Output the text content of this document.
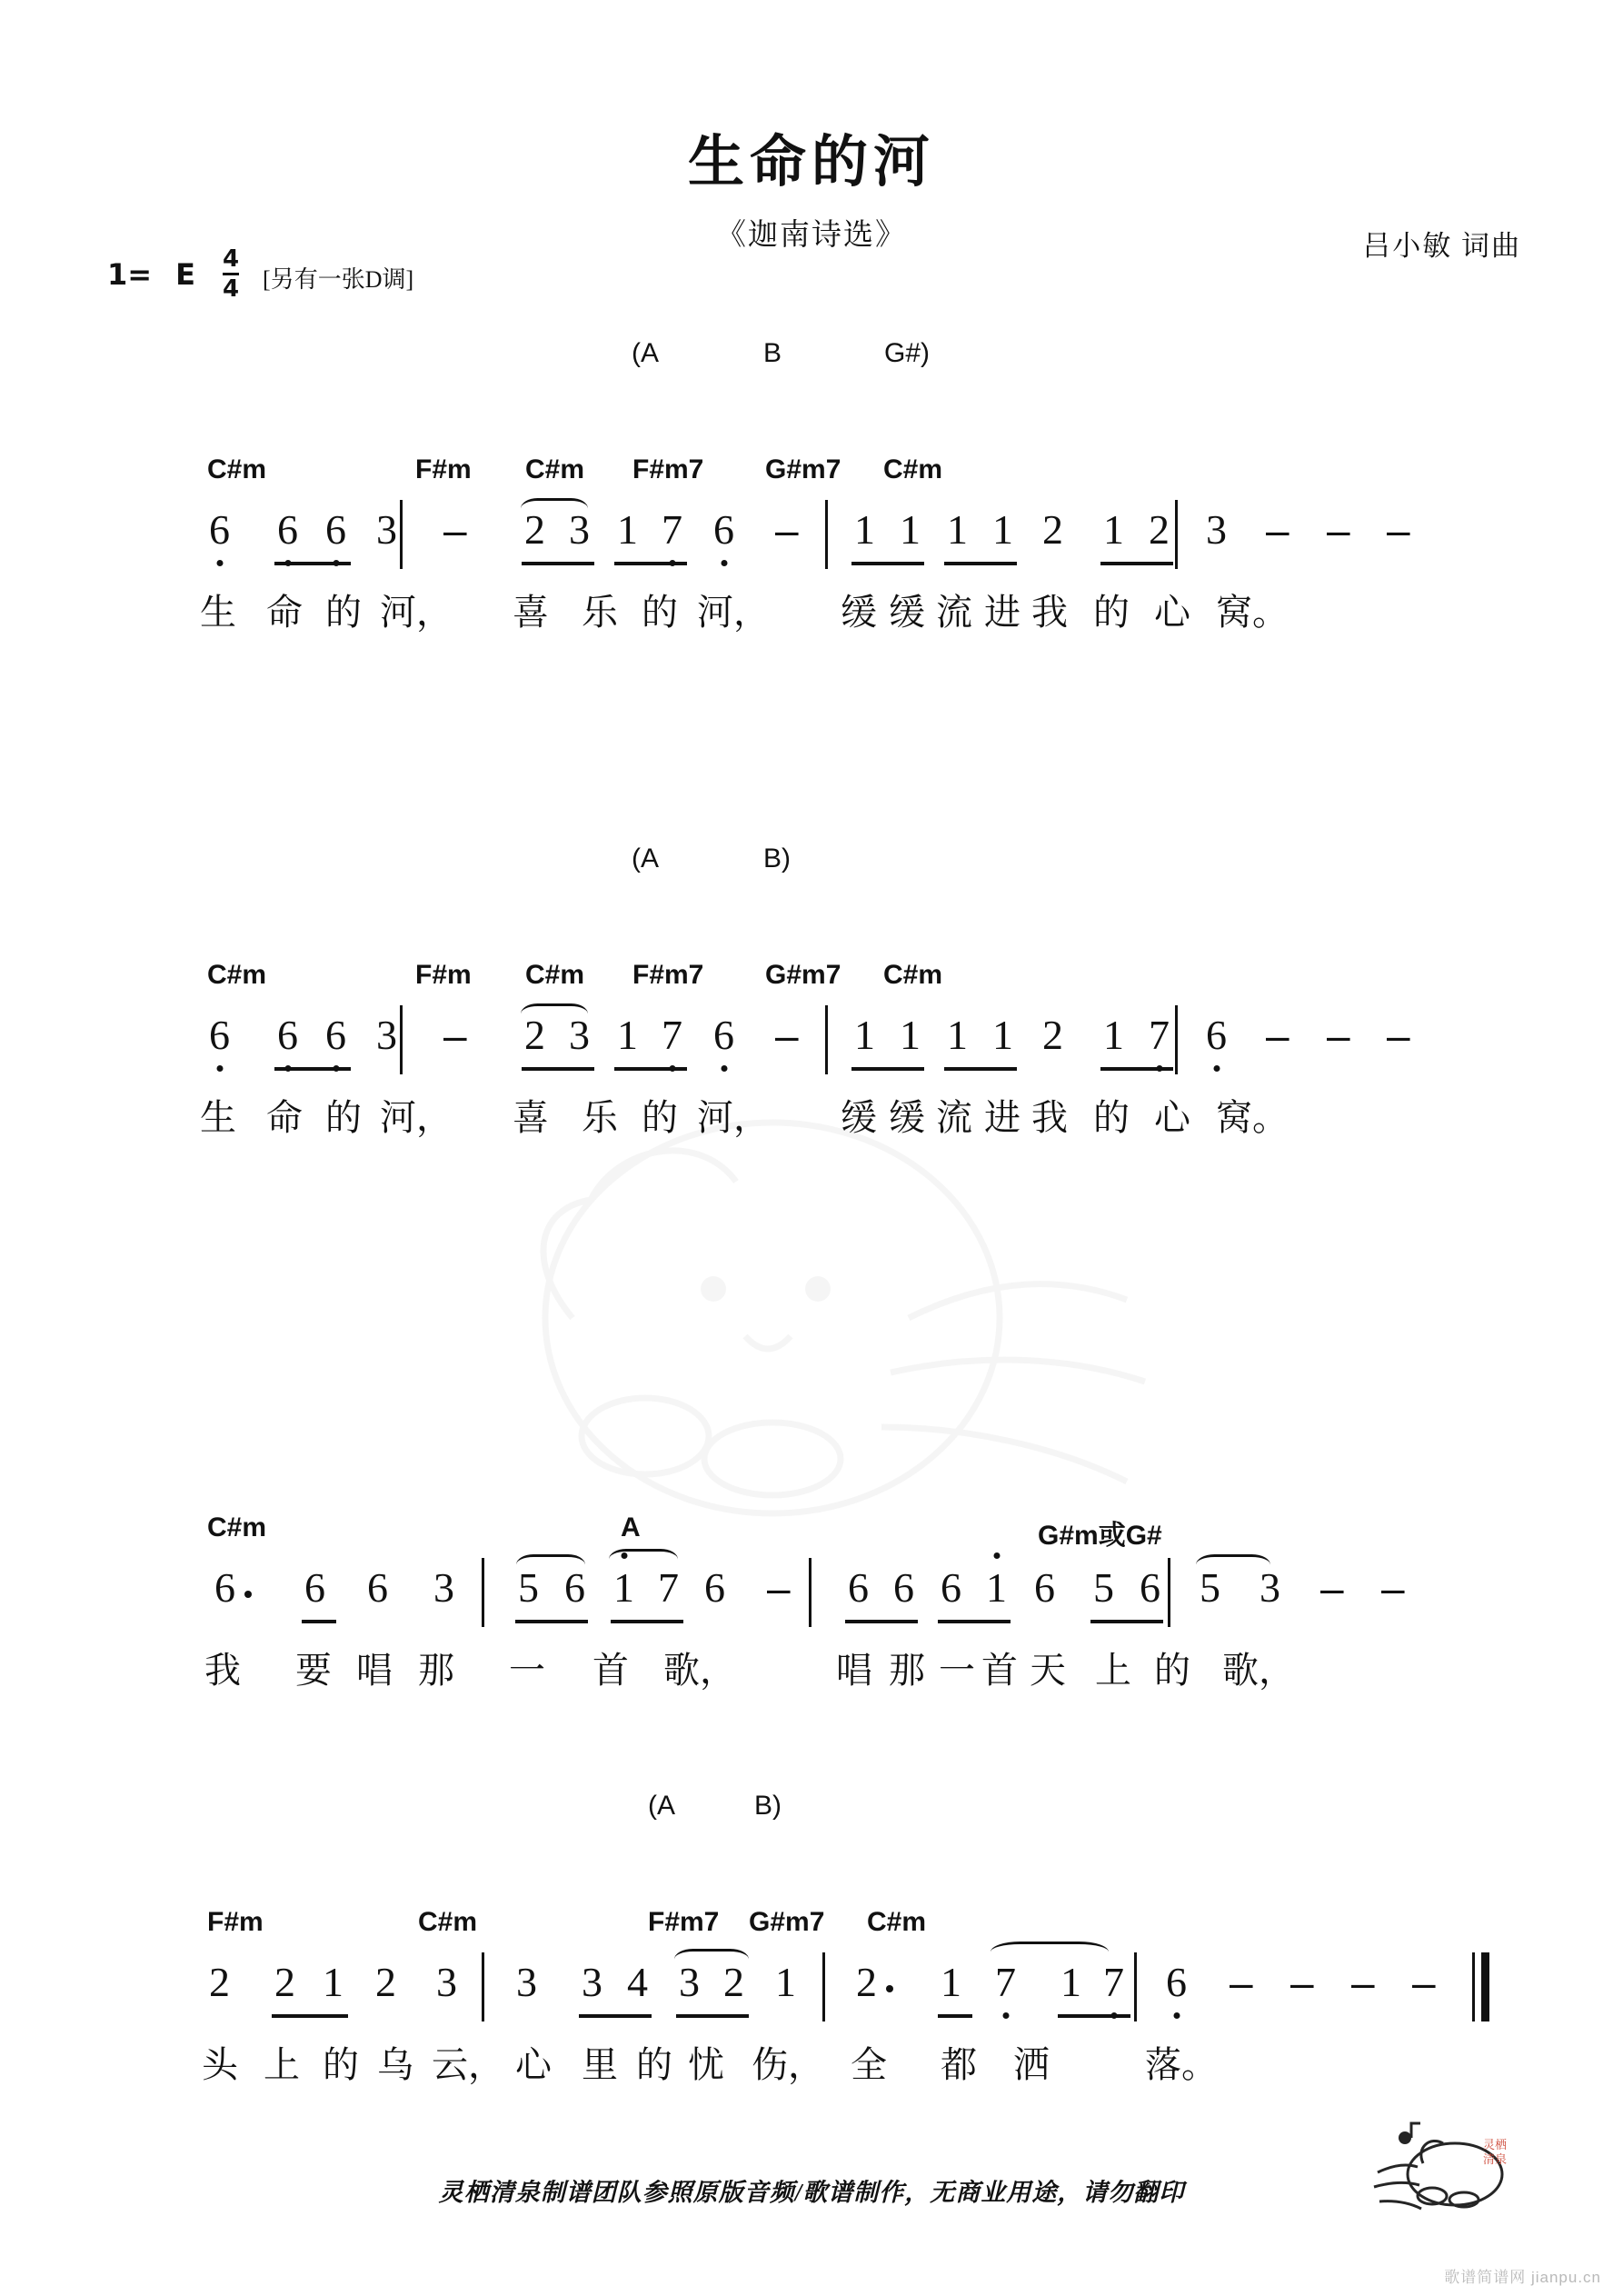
生命的河
《迦南诗选》	吕小敏 词曲
1= E $\frac{4}{4}$ [另有一张D调]
(A	B	G#)
C#m	F#m C#m F#m7 G#m7 C#m
6 6 6 3 – 2 3 1 7 6 – 1 1 1 1 2 1 2 3 – – –
生 命 的 河， 喜 乐 的 河， 缓 缓 流 进 我 的 心 窝。
(A	B)
C#m	F#m C#m F#m7 G#m7 C#m
6 6 6 3 – 2 3 1 7 6 – 1 1 1 1 2 1 7 6 – – –
生 命 的 河， 喜 乐 的 河， 缓 缓 流 进 我 的 心 窝。
C#m	A	G#m或G#
6 6 6 3 5 6 1 7 6 – 6 6 6 1 6 5 6 5 3 – –
我 要 唱 那 一 首 歌，	唱 那 一 首 天 上 的 歌，
(A	B)
F#m	C#m	F#m7 G#m7 C#m
2 2 1 2 3 3 3 4 3 2 1 2 1 7 1 7 6 – – – –
头 上 的 乌 云， 心 里 的 忧 伤， 全 都 洒	落。
灵栖清泉制谱团队参照原版音频/歌谱制作，无商业用途，请勿翻印
灵栖
清泉
歌谱简谱网 jianpu.cn
